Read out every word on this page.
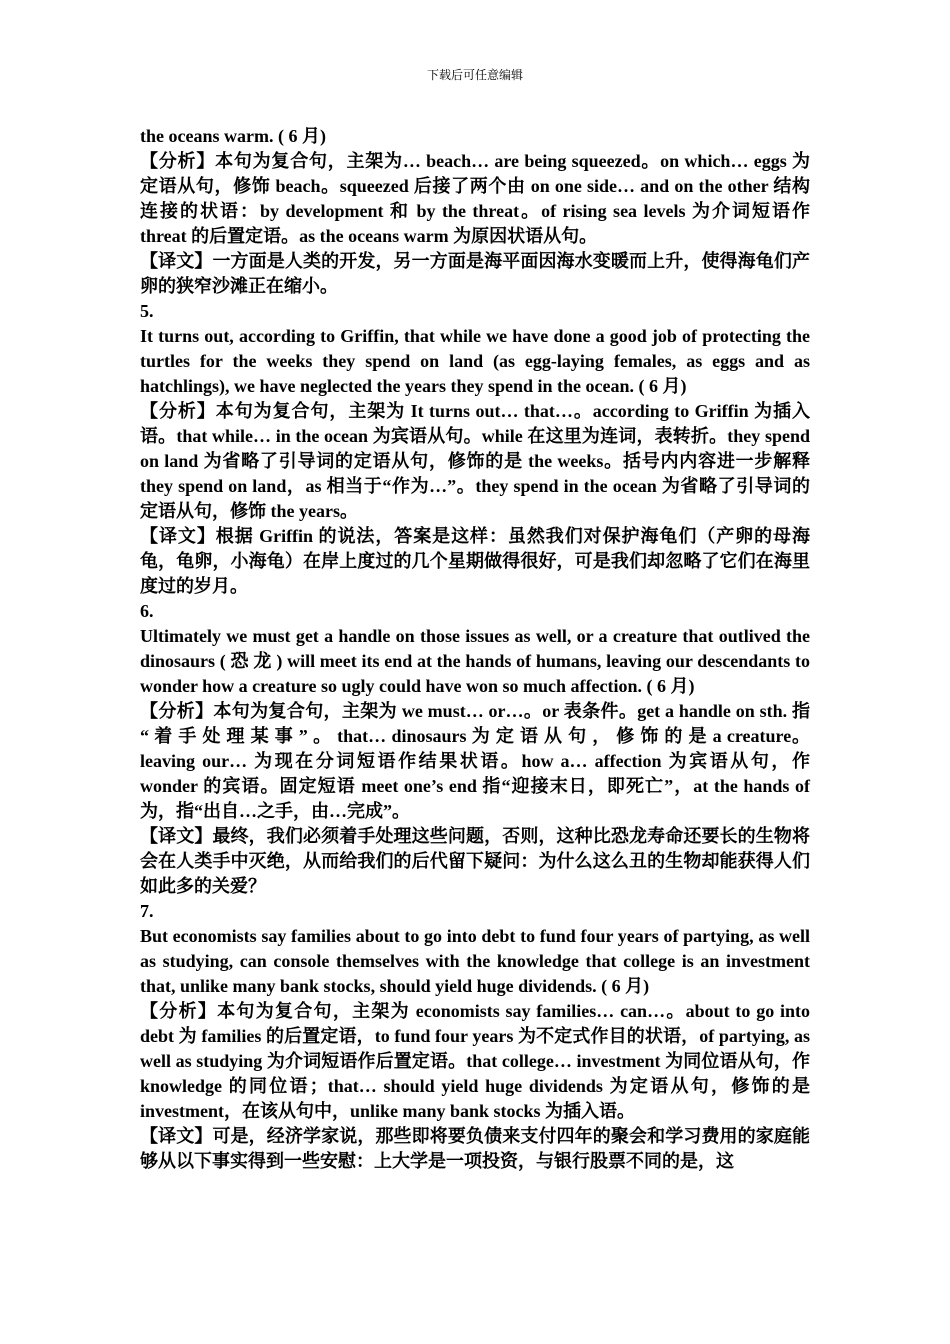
下载后可任意编辑

the oceans warm. ( 6 月)

【分析】本句为复合句，主架为… beach… are being squeezed。on which… eggs 为定语从句，修饰 beach。squeezed 后接了两个由 on one side… and on the other 结构连接的状语：by development 和 by the threat。of rising sea levels 为介词短语作 threat 的后置定语。as the oceans warm 为原因状语从句。

【译文】一方面是人类的开发，另一方面是海平面因海水变暖而上升，使得海龟们产卵的狭窄沙滩正在缩小。

5.

It turns out, according to Griffin, that while we have done a good job of protecting the turtles for the weeks they spend on land (as egg-laying females, as eggs and as hatchlings), we have neglected the years they spend in the ocean. ( 6 月)

【分析】本句为复合句，主架为 It turns out… that…。according to Griffin 为插入语。that while… in the ocean 为宾语从句。while 在这里为连词，表转折。they spend on land 为省略了引导词的定语从句，修饰的是 the weeks。括号内内容进一步解释 they spend on land，as 相当于“作为…”。they spend in the ocean 为省略了引导词的定语从句，修饰 the years。

【译文】根据 Griffin 的说法，答案是这样：虽然我们对保护海龟们（产卵的母海龟，龟卵，小海龟）在岸上度过的几个星期做得很好，可是我们却忽略了它们在海里度过的岁月。

6.

Ultimately we must get a handle on those issues as well, or a creature that outlived the dinosaurs ( 恐 龙 ) will meet its end at the hands of humans, leaving our descendants to wonder how a creature so ugly could have won so much affection. ( 6 月)

【分析】本句为复合句，主架为 we must… or…。or 表条件。get a handle on sth. 指 “ 着 手 处 理 某 事 ” 。 that… dinosaurs 为 定 语 从 句 ， 修 饰 的 是 a creature。leaving our… 为现在分词短语作结果状语。how a… affection 为宾语从句，作 wonder 的宾语。固定短语 meet one’s end 指“迎接末日，即死亡”，at the hands of 为，指“出自…之手，由…完成”。

【译文】最终，我们必须着手处理这些问题，否则，这种比恐龙寿命还要长的生物将会在人类手中灭绝，从而给我们的后代留下疑问：为什么这么丑的生物却能获得人们如此多的关爱？

7.

But economists say families about to go into debt to fund four years of partying, as well as studying, can console themselves with the knowledge that college is an investment that, unlike many bank stocks, should yield huge dividends. ( 6 月)

【分析】本句为复合句，主架为 economists say families… can…。about to go into debt 为 families 的后置定语，to fund four years 为不定式作目的状语，of partying, as well as studying 为介词短语作后置定语。that college… investment 为同位语从句，作 knowledge 的同位语；that… should yield huge dividends 为定语从句，修饰的是 investment，在该从句中，unlike many bank stocks 为插入语。

【译文】可是，经济学家说，那些即将要负债来支付四年的聚会和学习费用的家庭能够从以下事实得到一些安慰：上大学是一项投资，与银行股票不同的是，这
